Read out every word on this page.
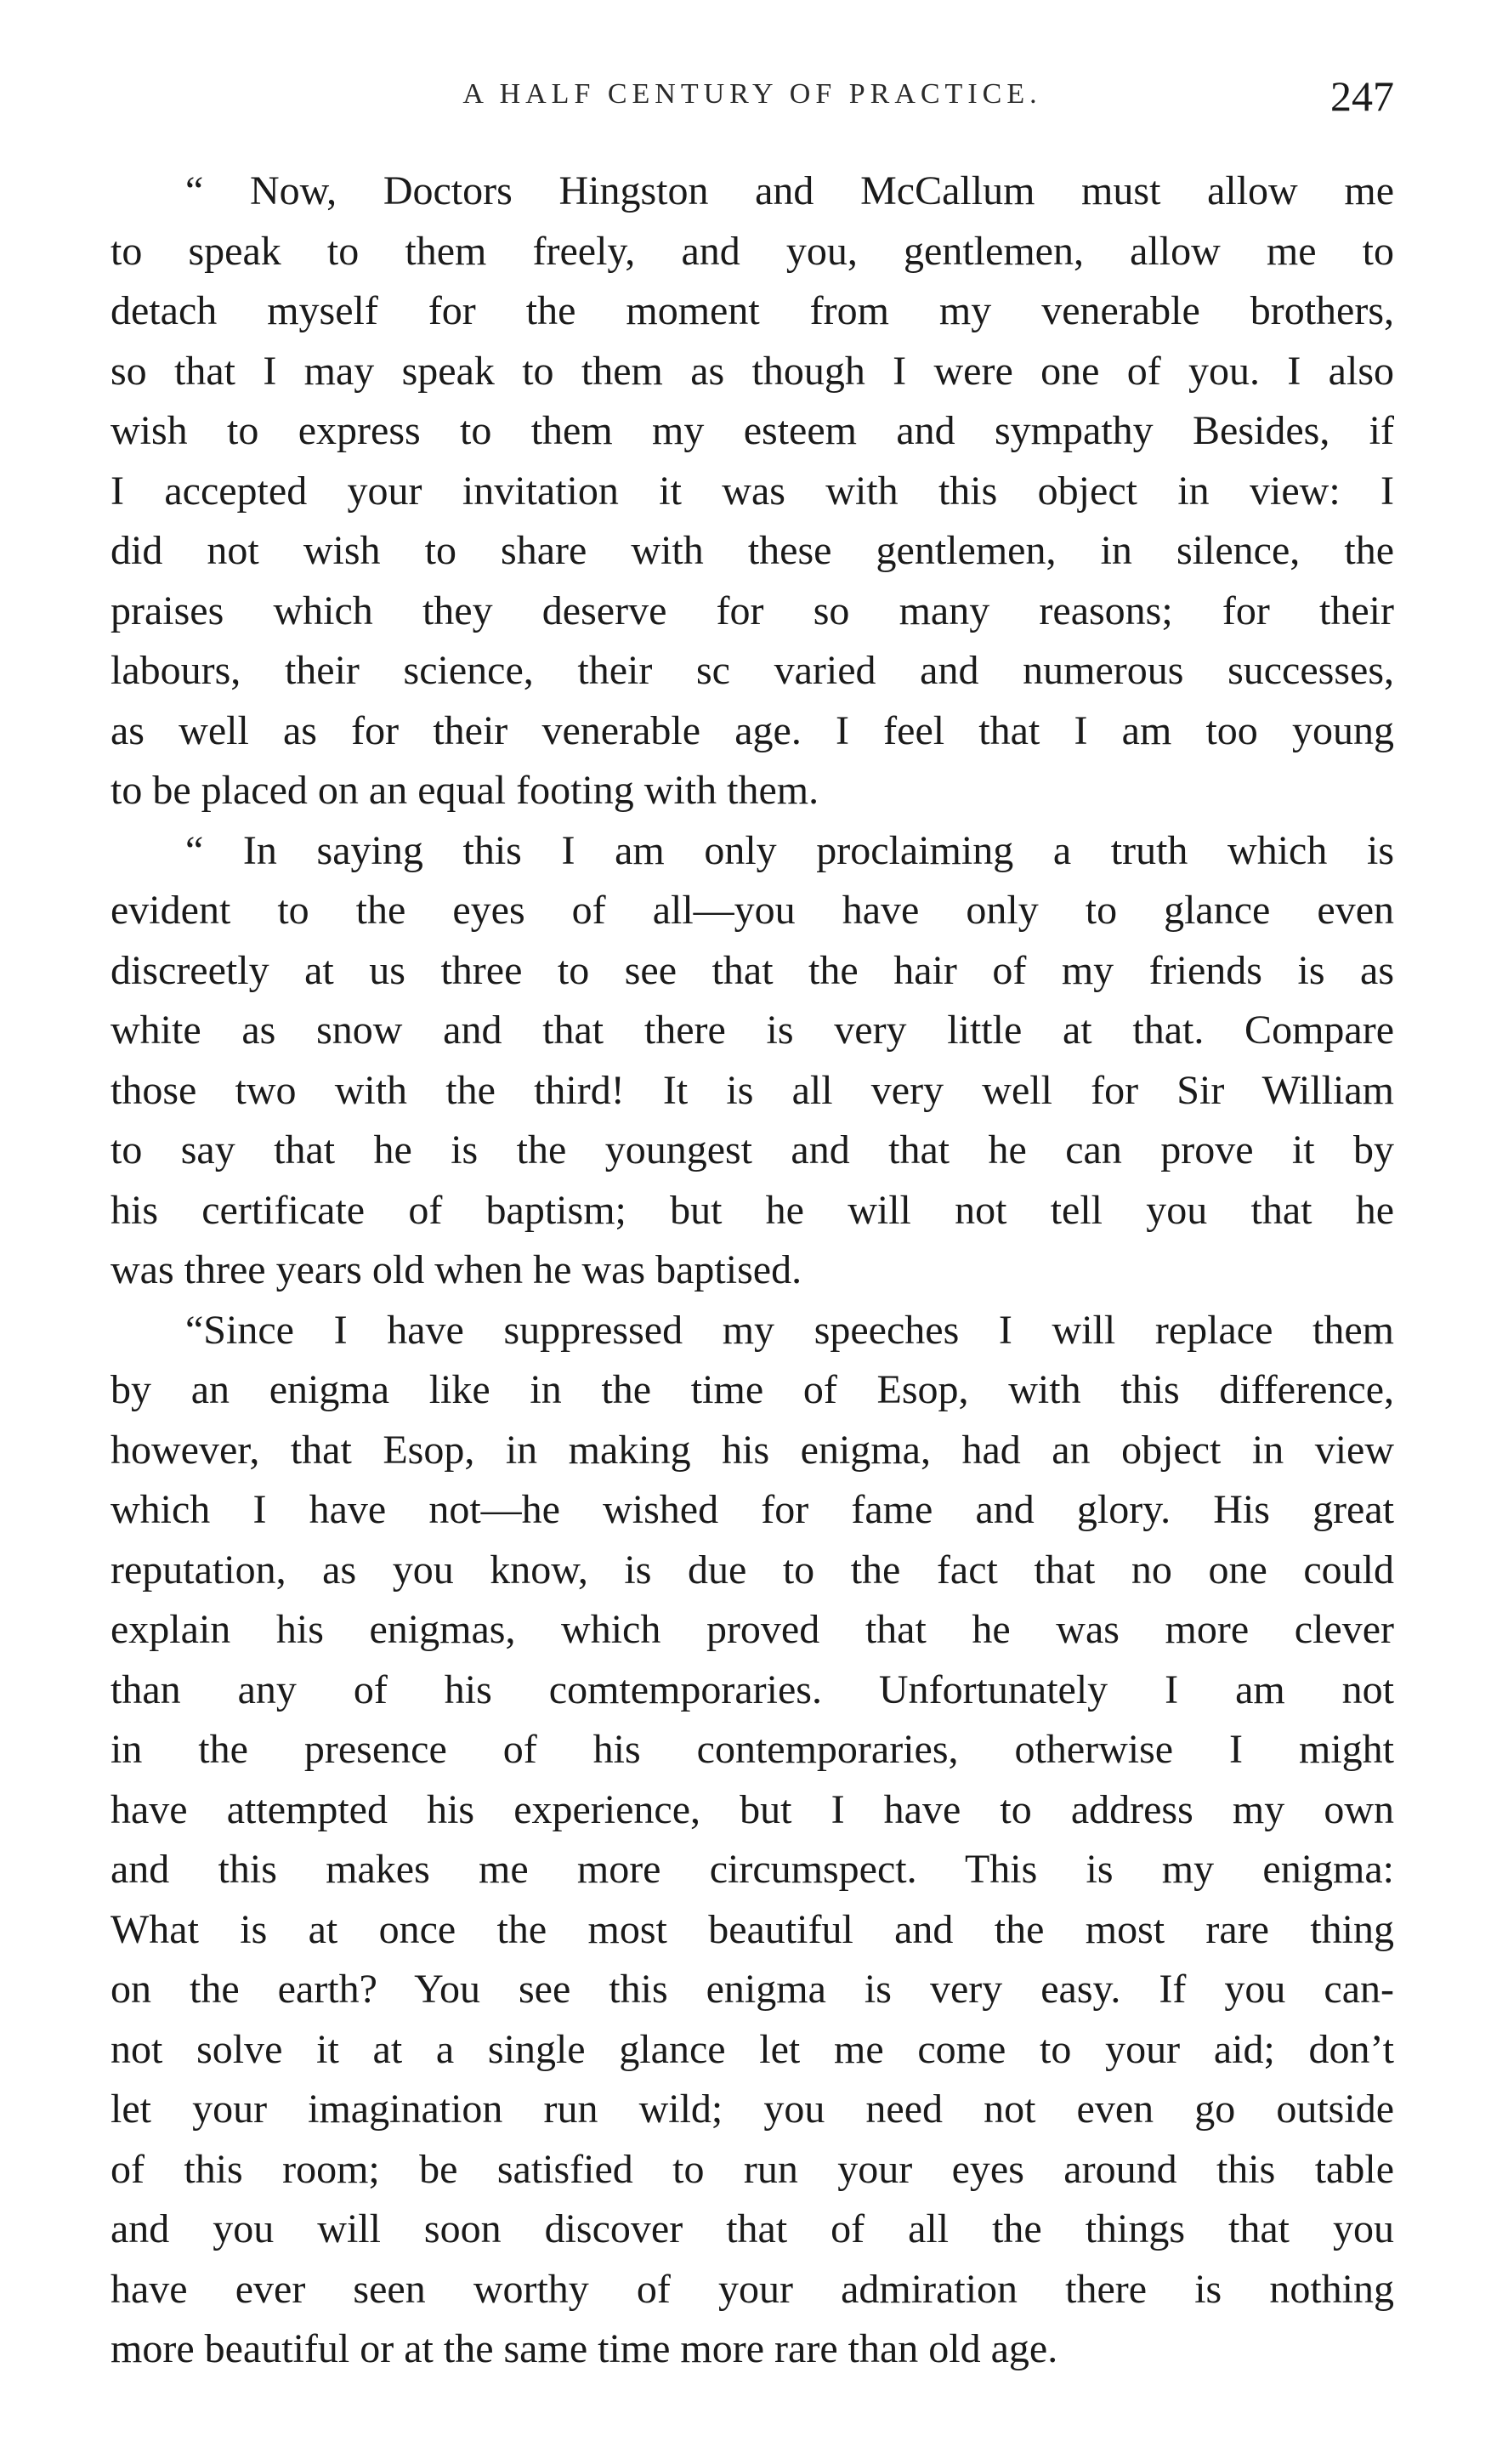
A HALF CENTURY OF PRACTICE.	247
“ Now, Doctors Hingston and McCallum must allow me
to speak to them freely, and you, gentlemen, allow me to
detach myself for the moment from my venerable brothers,
so that I may speak to them as though I were one of you. I also
wish to express to them my esteem and sympathy Besides, if
I accepted your invitation it was with this object in view: I
did not wish to share with these gentlemen, in silence, the
praises which they deserve for so many reasons; for their
labours, their science, their sc varied and numerous successes,
as well as for their venerable age. I feel that I am too young
to be placed on an equal footing with them.
“ In saying this I am only proclaiming a truth which is
evident to the eyes of all—you have only to glance even
discreetly at us three to see that the hair of my friends is as
white as snow and that there is very little at that. Compare
those two with the third! It is all very well for Sir William
to say that he is the youngest and that he can prove it by
his certificate of baptism; but he will not tell you that he
was three years old when he was baptised.
“Since I have suppressed my speeches I will replace them
by an enigma like in the time of Esop, with this difference,
however, that Esop, in making his enigma, had an object in view
which I have not—he wished for fame and glory. His great
reputation, as you know, is due to the fact that no one could
explain his enigmas, which proved that he was more clever
than any of his comtemporaries. Unfortunately I am not
in the presence of his contemporaries, otherwise I might
have attempted his experience, but I have to address my own
and this makes me more circumspect. This is my enigma:
What is at once the most beautiful and the most rare thing
on the earth? You see this enigma is very easy. If you can-
not solve it at a single glance let me come to your aid; don’t
let your imagination run wild; you need not even go outside
of this room; be satisfied to run your eyes around this table
and you will soon discover that of all the things that you
have ever seen worthy of your admiration there is nothing
more beautiful or at the same time more rare than old age.
